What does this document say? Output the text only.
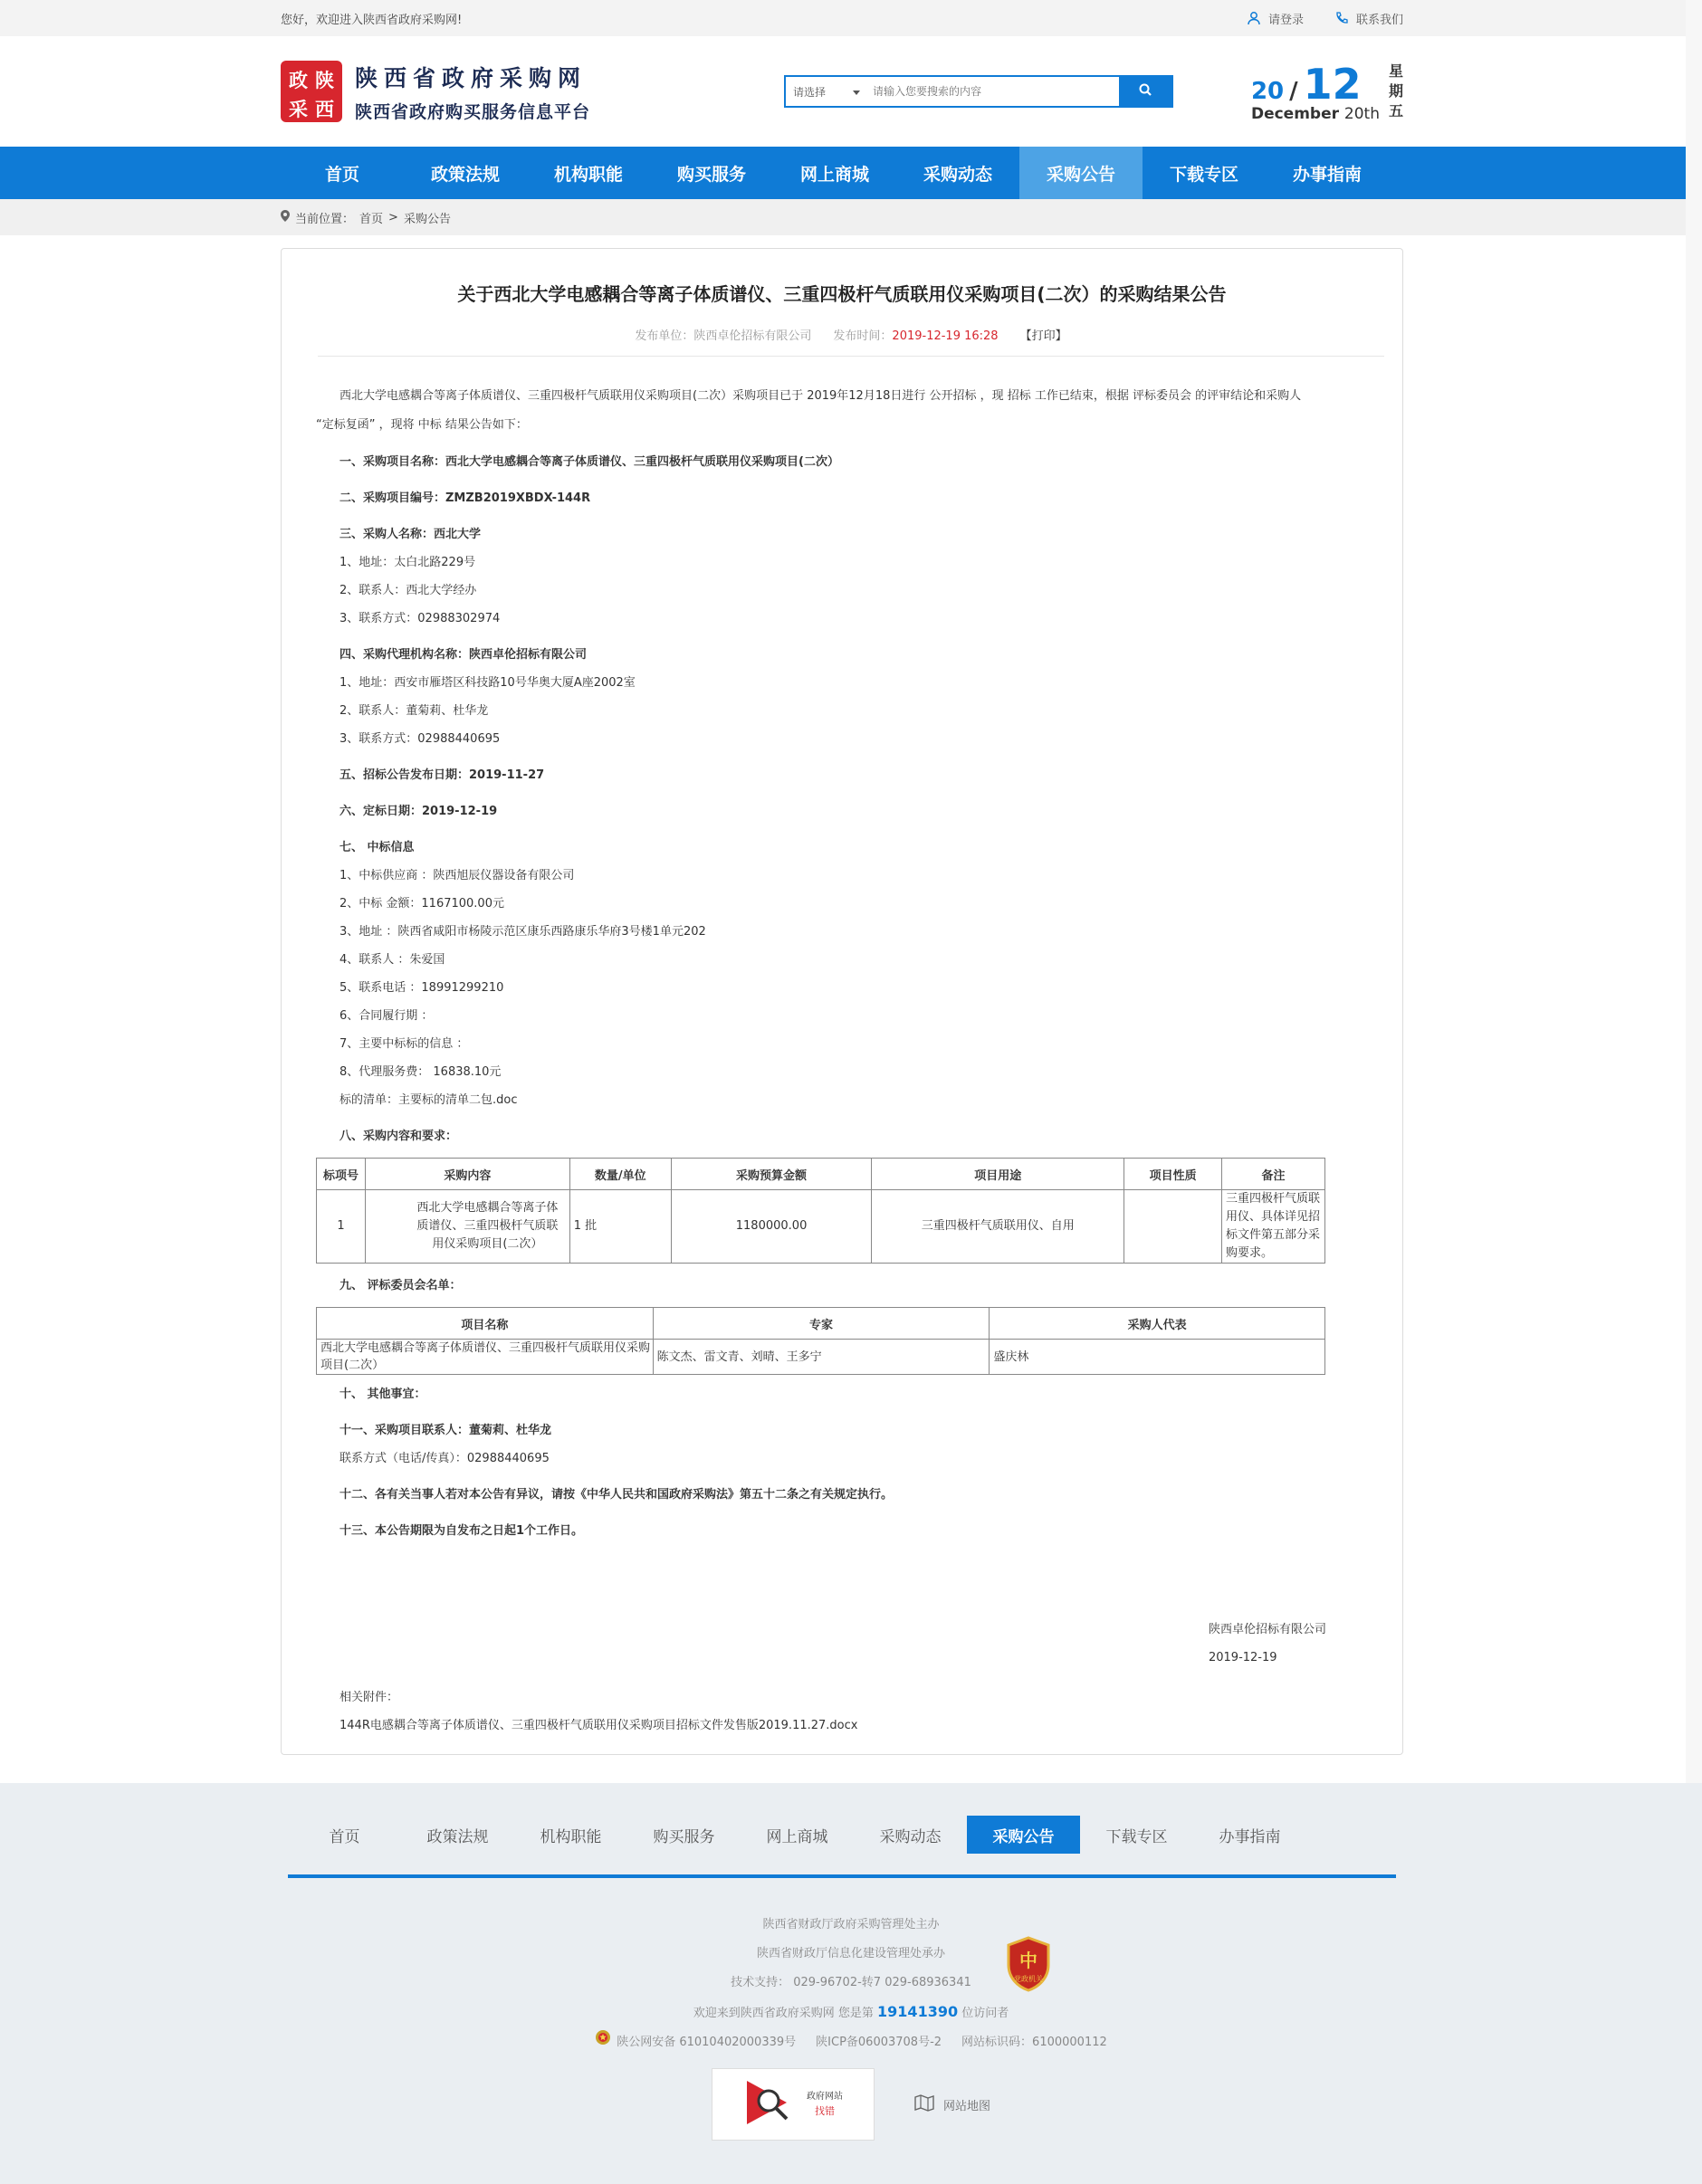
您好，欢迎进入陕西省政府采购网!	请登录	联系我们
政 陕
采 西
陕西省政府采购网
陕西省政府购买服务信息平台
请选择
请输入您要搜索的内容	20 / 12
December 20th
星
期
五
首页	政策法规	机构职能	购买服务	网上商城	采购动态	采购公告	下载专区	办事指南
当前位置： 首页 > 采购公告
关于西北大学电感耦合等离子体质谱仪、三重四极杆气质联用仪采购项目(二次）的采购结果公告
发布单位：陕西卓伦招标有限公司 发布时间：2019-12-19 16:28 【打印】

西北大学电感耦合等离子体质谱仪、三重四极杆气质联用仪采购项目(二次）采购项目已于 2019年12月18日进行 公开招标 ，现 招标 工作已结束，根据 评标委员会 的评审结论和采购人 “定标复函” ，现将 中标 结果公告如下：

一、采购项目名称：西北大学电感耦合等离子体质谱仪、三重四极杆气质联用仪采购项目(二次）

二、采购项目编号：ZMZB2019XBDX-144R

三、采购人名称：西北大学

1、地址：太白北路229号

2、联系人：西北大学经办

3、联系方式：02988302974

四、采购代理机构名称：陕西卓伦招标有限公司

1、地址：西安市雁塔区科技路10号华奥大厦A座2002室

2、联系人：董菊莉、杜华龙

3、联系方式：02988440695

五、招标公告发布日期：2019-11-27

六、定标日期：2019-12-19

七、 中标信息

1、中标供应商 ：陕西旭辰仪器设备有限公司

2、中标 金额：1167100.00元

3、地址 ：陕西省咸阳市杨陵示范区康乐西路康乐华府3号楼1单元202

4、联系人 ：朱爱国

5、联系电话 ：18991299210

6、合同履行期 ：

7、主要中标标的信息 ：

8、代理服务费： 16838.10元

标的清单：主要标的清单二包.doc

八、采购内容和要求：

标项号	采购内容	数量/单位	采购预算金额	项目用途	项目性质	备注
1	西北大学电感耦合等离子体质谱仪、三重四极杆气质联用仪采购项目(二次）	1 批	1180000.00	三重四极杆气质联用仪、自用		三重四极杆气质联用仪、具体详见招标文件第五部分采购要求。

九、 评标委员会名单：

项目名称	专家	采购人代表
西北大学电感耦合等离子体质谱仪、三重四极杆气质联用仪采购项目(二次）	陈文杰、雷文青、刘晴、王多宁	盛庆林

十、 其他事宜：

十一、采购项目联系人：董菊莉、杜华龙

联系方式（电话/传真）：02988440695

十二、各有关当事人若对本公告有异议，请按《中华人民共和国政府采购法》第五十二条之有关规定执行。

十三、本公告期限为自发布之日起1个工作日。

陕西卓伦招标有限公司
2019-12-19
相关附件：
144R电感耦合等离子体质谱仪、三重四极杆气质联用仪采购项目招标文件发售版2019.11.27.docx
首页	政策法规	机构职能	购买服务	网上商城	采购动态	采购公告	下载专区	办事指南
陕西省财政厅政府采购管理处主办
陕西省财政厅信息化建设管理处承办
技术支持： 029-96702-转7 029-68936341
欢迎来到陕西省政府采购网 您是第 19141390 位访问者
陕公网安备 61010402000339号 陕ICP备06003708号-2 网站标识码：6100000112
中
党政机关
政府网站
找错	网站地图
